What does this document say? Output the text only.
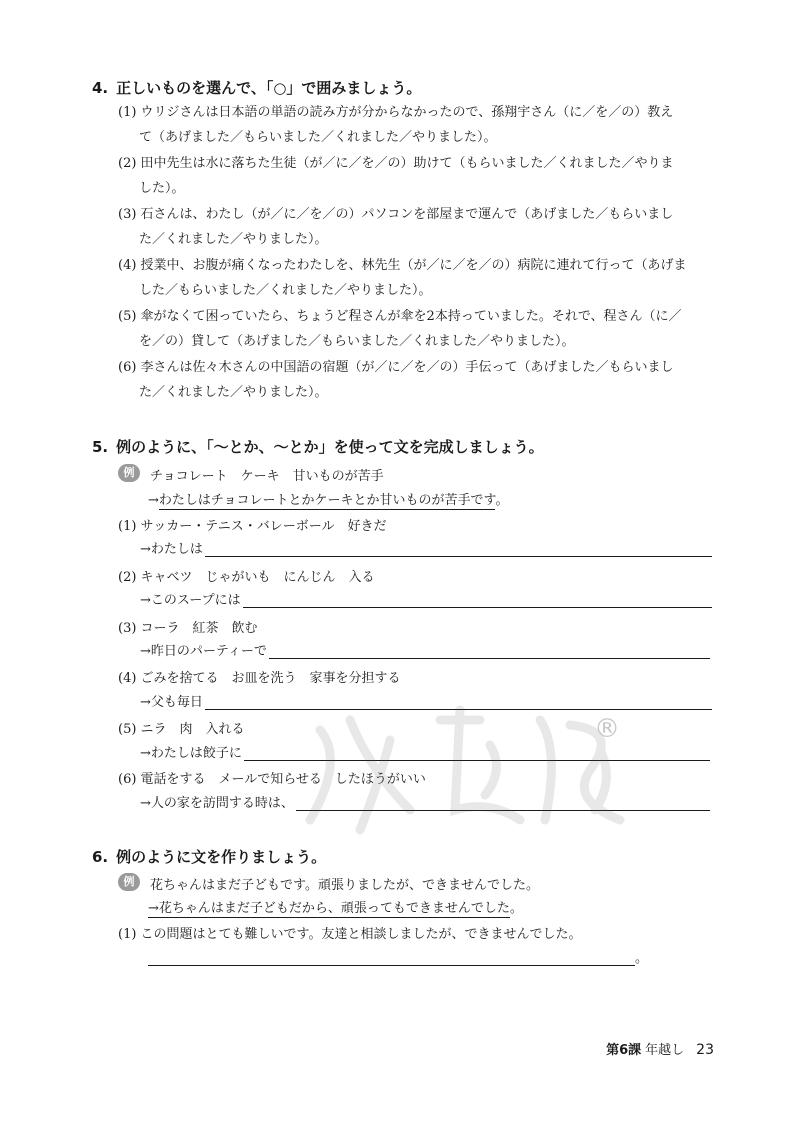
4. 正しいものを選んで、「○」で囲みましょう。
(1) ウリジさんは日本語の単語の読み方が分からなかったので、孫翔宇さん（に／を／の）教え
て（あげました／もらいました／くれました／やりました）。
(2) 田中先生は水に落ちた生徒（が／に／を／の）助けて（もらいました／くれました／やりま
した）。
(3) 石さんは、わたし（が／に／を／の）パソコンを部屋まで運んで（あげました／もらいまし
た／くれました／やりました）。
(4) 授業中、お腹が痛くなったわたしを、林先生（が／に／を／の）病院に連れて行って（あげま
した／もらいました／くれました／やりました）。
(5) 傘がなくて困っていたら、ちょうど程さんが傘を2本持っていました。それで、程さん（に／
を／の）貸して（あげました／もらいました／くれました／やりました）。
(6) 李さんは佐々木さんの中国語の宿題（が／に／を／の）手伝って（あげました／もらいまし
た／くれました／やりました）。
5. 例のように、「〜とか、〜とか」を使って文を完成しましょう。
例	チョコレート　ケーキ　甘いものが苦手
→わたしはチョコレートとかケーキとか甘いものが苦手です。
(1) サッカー・テニス・バレーボール　好きだ
→わたしは
(2) キャベツ　じゃがいも　にんじん　入る
→このスープには
(3) コーラ　紅茶　飲む
→昨日のパーティーで
(4) ごみを捨てる　お皿を洗う　家事を分担する
→父も毎日
(5) ニラ　肉　入れる
→わたしは餃子に
(6) 電話をする　メールで知らせる　したほうがいい
→人の家を訪問する時は、
6. 例のように文を作りましょう。
例	花ちゃんはまだ子どもです。頑張りましたが、できませんでした。
→花ちゃんはまだ子どもだから、頑張ってもできませんでした。
(1) この問題はとても難しいです。友達と相談しましたが、できませんでした。
。
®
第6課 年越し 23
